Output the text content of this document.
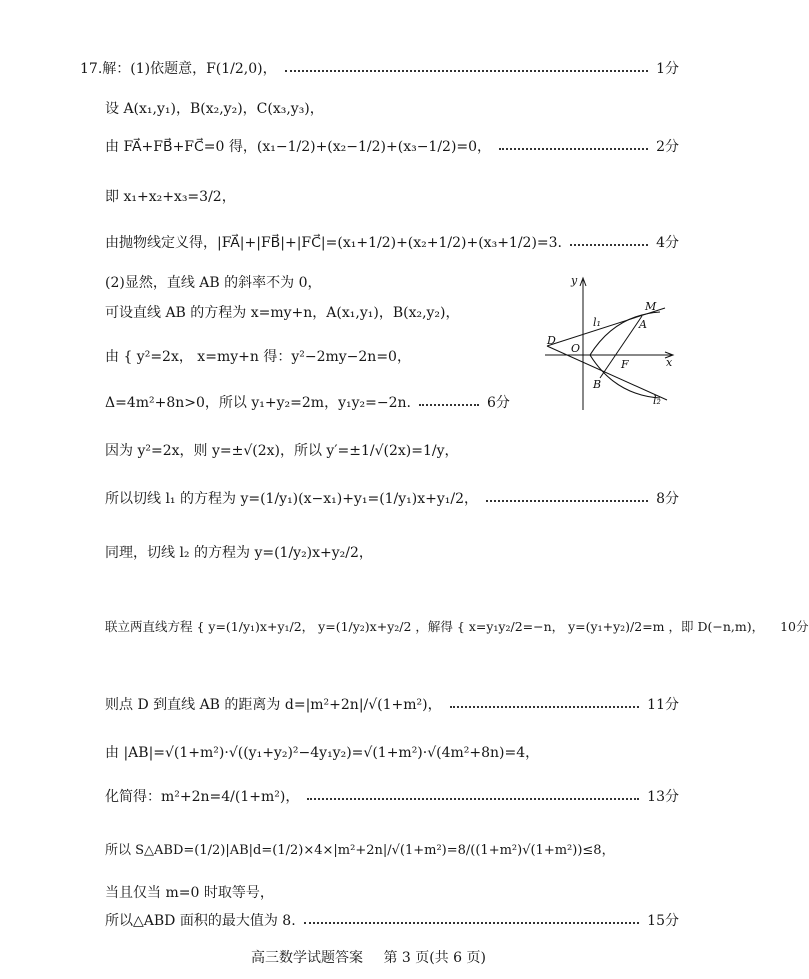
17.解：(1)依题意，F(1/2,0)，	1分
设 A(x₁,y₁)，B(x₂,y₂)，C(x₃,y₃)，
由 FA⃗+FB⃗+FC⃗=0 得，(x₁−1/2)+(x₂−1/2)+(x₃−1/2)=0，	2分
即 x₁+x₂+x₃=3/2，
由抛物线定义得，|FA⃗|+|FB⃗|+|FC⃗|=(x₁+1/2)+(x₂+1/2)+(x₃+1/2)=3.	4分
(2)显然，直线 AB 的斜率不为 0，
可设直线 AB 的方程为 x=my+n，A(x₁,y₁)，B(x₂,y₂)，
由 { y²=2x， x=my+n 得：y²−2my−2n=0，
Δ=4m²+8n>0，所以 y₁+y₂=2m，y₁y₂=−2n.	6分
因为 y²=2x，则 y=±√(2x)，所以 y′=±1/√(2x)=1/y，
所以切线 l₁ 的方程为 y=(1/y₁)(x−x₁)+y₁=(1/y₁)x+y₁/2，	8分
同理，切线 l₂ 的方程为 y=(1/y₂)x+y₂/2，
联立两直线方程 { y=(1/y₁)x+y₁/2， y=(1/y₂)x+y₂/2 ，解得 { x=y₁y₂/2=−n， y=(y₁+y₂)/2=m ，即 D(−n,m)， 10分
则点 D 到直线 AB 的距离为 d=|m²+2n|/√(1+m²)，	11分
由 |AB|=√(1+m²)·√((y₁+y₂)²−4y₁y₂)=√(1+m²)·√(4m²+8n)=4，
化简得：m²+2n=4/(1+m²)，	13分
所以 S△ABD=(1/2)|AB|d=(1/2)×4×|m²+2n|/√(1+m²)=8/((1+m²)√(1+m²))≤8，
当且仅当 m=0 时取等号，
所以△ABD 面积的最大值为 8.	15分
y
x
M
A
D
O
F
B
l₁
l₂
高三数学试题答案 第 3 页(共 6 页)
